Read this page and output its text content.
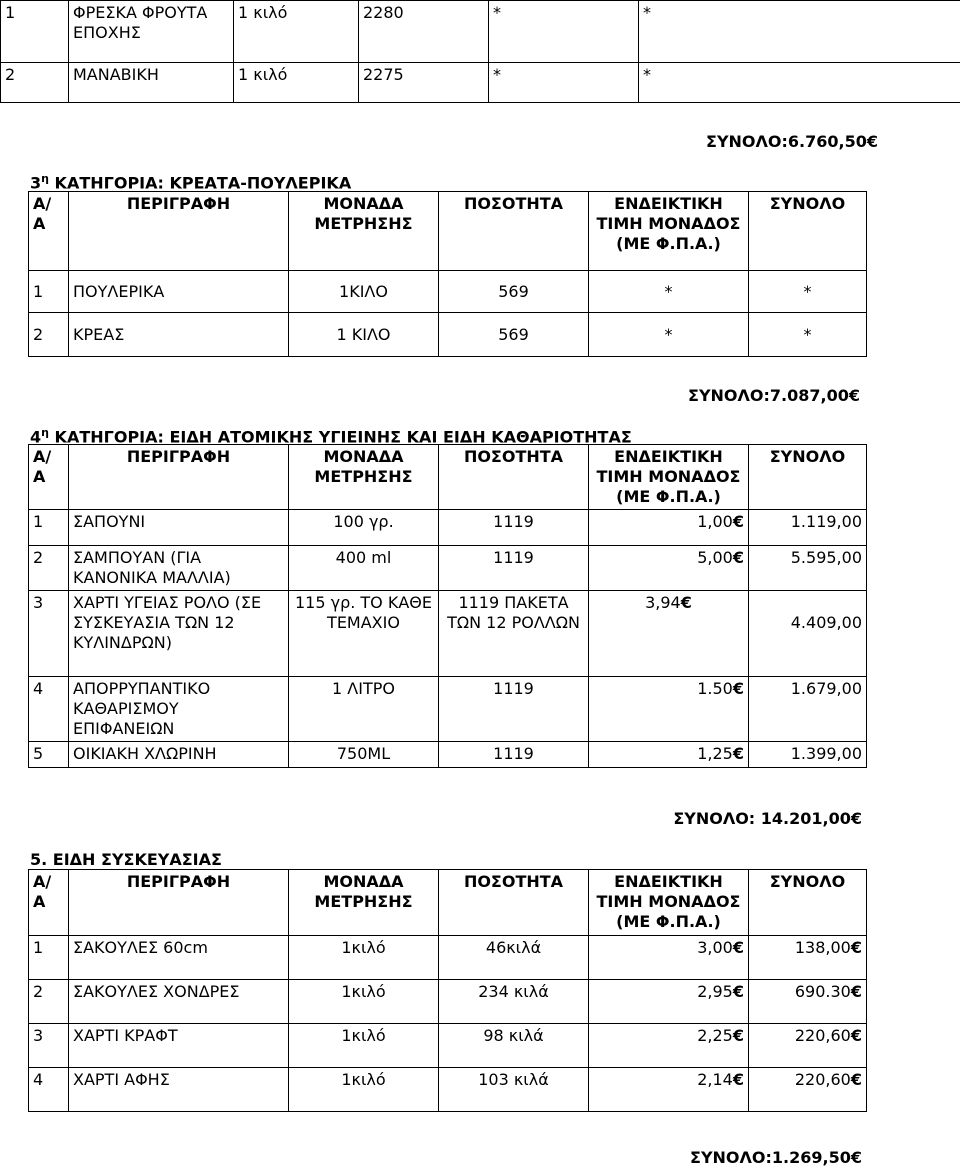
1	ΦΡΕΣΚΑ ΦΡΟΥΤΑ ΕΠΟΧΗΣ	1 κιλό	2280	*	*
2	ΜΑΝΑΒΙΚΗ	1 κιλό	2275	*	*
ΣΥΝΟΛΟ:6.760,50€
$3^\eta$ ΚΑΤΗΓΟΡΙΑ: ΚΡΕΑΤΑ-ΠΟΥΛΕΡΙΚΑ
Α/ Α	ΠΕΡΙΓΡΑΦΗ	ΜΟΝΑΔΑ ΜΕΤΡΗΣΗΣ	ΠΟΣΟΤΗΤΑ	ΕΝΔΕΙΚΤΙΚΗ ΤΙΜΗ ΜΟΝΑΔΟΣ (ΜΕ Φ.Π.Α.)	ΣΥΝΟΛΟ
1	ΠΟΥΛΕΡΙΚΑ	1ΚΙΛΟ	569	*	*
2	ΚΡΕΑΣ	1 ΚΙΛΟ	569	*	*
ΣΥΝΟΛΟ:7.087,00€
$4^\eta$ ΚΑΤΗΓΟΡΙΑ: ΕΙΔΗ ΑΤΟΜΙΚΗΣ ΥΓΙΕΙΝΗΣ ΚΑΙ ΕΙΔΗ ΚΑΘΑΡΙΟΤΗΤΑΣ
Α/ Α	ΠΕΡΙΓΡΑΦΗ	ΜΟΝΑΔΑ ΜΕΤΡΗΣΗΣ	ΠΟΣΟΤΗΤΑ	ΕΝΔΕΙΚΤΙΚΗ ΤΙΜΗ ΜΟΝΑΔΟΣ (ΜΕ Φ.Π.Α.)	ΣΥΝΟΛΟ
1	ΣΑΠΟΥΝΙ	100 γρ.	1119	1,00€	1.119,00
2	ΣΑΜΠΟΥΑΝ (ΓΙΑ ΚΑΝΟΝΙΚΑ ΜΑΛΛΙΑ)	400 ml	1119	5,00€	5.595,00
3	ΧΑΡΤΙ ΥΓΕΙΑΣ ΡΟΛΟ (ΣΕ ΣΥΣΚΕΥΑΣΙΑ ΤΩΝ 12 ΚΥΛΙΝΔΡΩΝ)	115 γρ. ΤΟ ΚΑΘΕ ΤΕΜΑΧΙΟ	1119 ΠΑΚΕΤΑ ΤΩΝ 12 ΡΟΛΛΩΝ	3,94€	4.409,00
4	ΑΠΟΡΡΥΠΑΝΤΙΚΟ ΚΑΘΑΡΙΣΜΟΥ ΕΠΙΦΑΝΕΙΩΝ	1 ΛΙΤΡΟ	1119	1.50€	1.679,00
5	ΟΙΚΙΑΚΗ ΧΛΩΡΙΝΗ	750ML	1119	1,25€	1.399,00
ΣΥΝΟΛΟ: 14.201,00€
5. ΕΙΔΗ ΣΥΣΚΕΥΑΣΙΑΣ
Α/ Α	ΠΕΡΙΓΡΑΦΗ	ΜΟΝΑΔΑ ΜΕΤΡΗΣΗΣ	ΠΟΣΟΤΗΤΑ	ΕΝΔΕΙΚΤΙΚΗ ΤΙΜΗ ΜΟΝΑΔΟΣ (ΜΕ Φ.Π.Α.)	ΣΥΝΟΛΟ
1	ΣΑΚΟΥΛΕΣ 60cm	1κιλό	46κιλά	3,00€	138,00€
2	ΣΑΚΟΥΛΕΣ ΧΟΝΔΡΕΣ	1κιλό	234 κιλά	2,95€	690.30€
3	ΧΑΡΤΙ ΚΡΑΦΤ	1κιλό	98 κιλά	2,25€	220,60€
4	ΧΑΡΤΙ ΑΦΗΣ	1κιλό	103 κιλά	2,14€	220,60€
ΣΥΝΟΛΟ:1.269,50€
